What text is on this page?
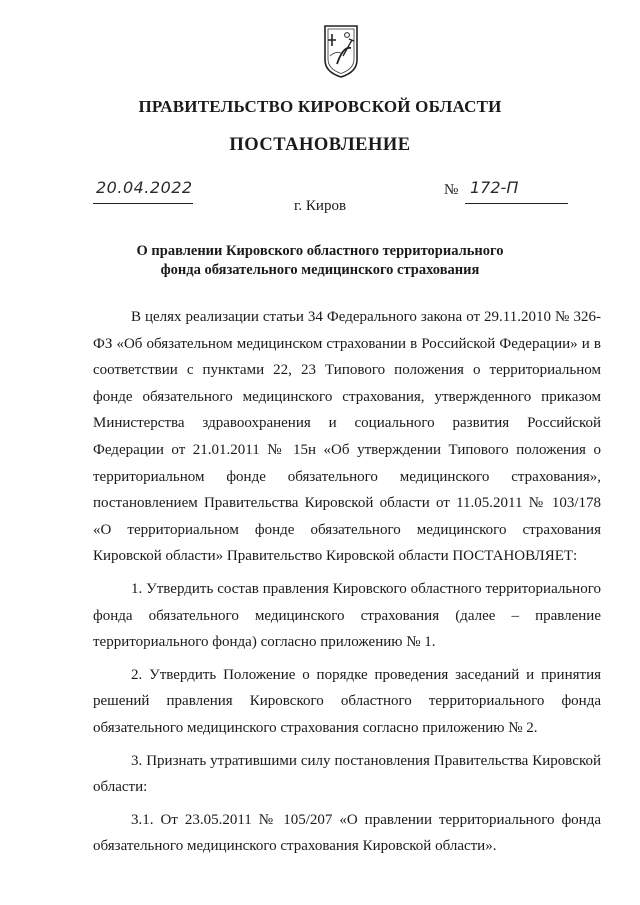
ПРАВИТЕЛЬСТВО КИРОВСКОЙ ОБЛАСТИ
ПОСТАНОВЛЕНИЕ
20.04.2022	№ 172-П
г. Киров
О правлении Кировского областного территориального
фонда обязательного медицинского страхования

В целях реализации статьи 34 Федерального закона от 29.11.2010 № 326-ФЗ «Об обязательном медицинском страховании в Российской Федерации» и в соответствии с пунктами 22, 23 Типового положения о территориальном фонде обязательного медицинского страхования, утвержденного приказом Министерства здравоохранения и социального развития Российской Федерации от 21.01.2011 № 15н «Об утверждении Типового положения о территориальном фонде обязательного медицинского страхования», постановлением Правительства Кировской области от 11.05.2011 № 103/178 «О территориальном фонде обязательного медицинского страхования Кировской области» Правительство Кировской области ПОСТАНОВЛЯЕТ:

1. Утвердить состав правления Кировского областного территориального фонда обязательного медицинского страхования (далее – правление территориального фонда) согласно приложению № 1.

2. Утвердить Положение о порядке проведения заседаний и принятия решений правления Кировского областного территориального фонда обязательного медицинского страхования согласно приложению № 2.

3. Признать утратившими силу постановления Правительства Кировской области:

3.1. От 23.05.2011 № 105/207 «О правлении территориального фонда обязательного медицинского страхования Кировской области».
